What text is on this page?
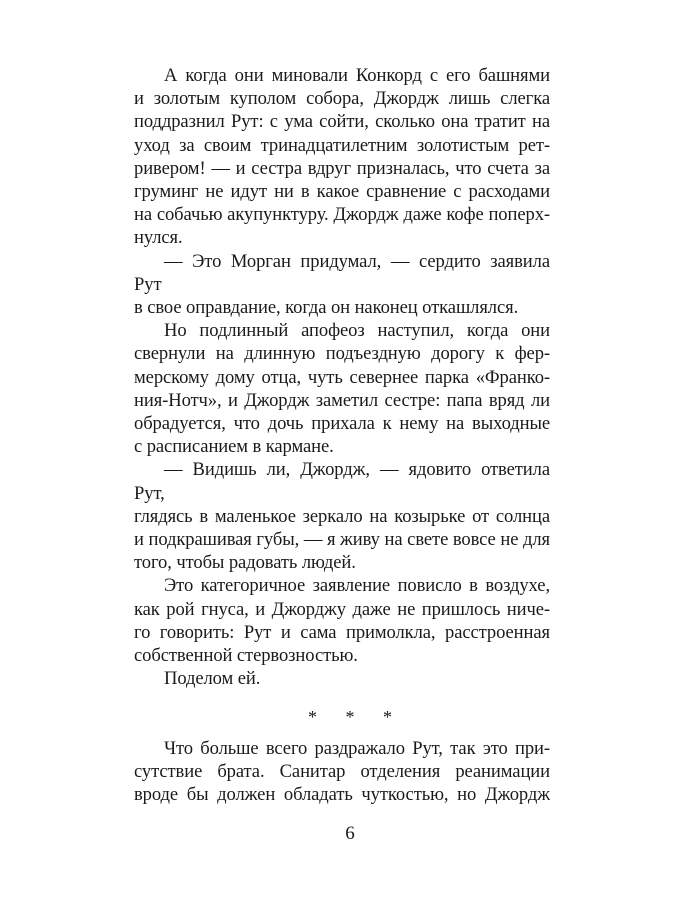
А когда они миновали Конкорд с его башнями
и золотым куполом собора, Джордж лишь слегка
поддразнил Рут: с ума сойти, сколько она тратит на
уход за своим тринадцатилетним золотистым рет-
ривером! — и сестра вдруг призналась, что счета за
груминг не идут ни в какое сравнение с расходами
на собачью акупунктуру. Джордж даже кофе поперх-
нулся.

— Это Морган придумал, — сердито заявила Рут
в свое оправдание, когда он наконец откашлялся.

Но подлинный апофеоз наступил, когда они
свернули на длинную подъездную дорогу к фер-
мерскому дому отца, чуть севернее парка «Франко-
ния-Нотч», и Джордж заметил сестре: папа вряд ли
обрадуется, что дочь прихала к нему на выходные
с расписанием в кармане.

— Видишь ли, Джордж, — ядовито ответила Рут,
глядясь в маленькое зеркало на козырьке от солнца
и подкрашивая губы, — я живу на свете вовсе не для
того, чтобы радовать людей.

Это категоричное заявление повисло в воздухе,
как рой гнуса, и Джорджу даже не пришлось ниче-
го говорить: Рут и сама примолкла, расстроенная
собственной стервозностью.

Поделом ей.

* * *

Что больше всего раздражало Рут, так это при-
сутствие брата. Санитар отделения реанимации
вроде бы должен обладать чуткостью, но Джордж

6
